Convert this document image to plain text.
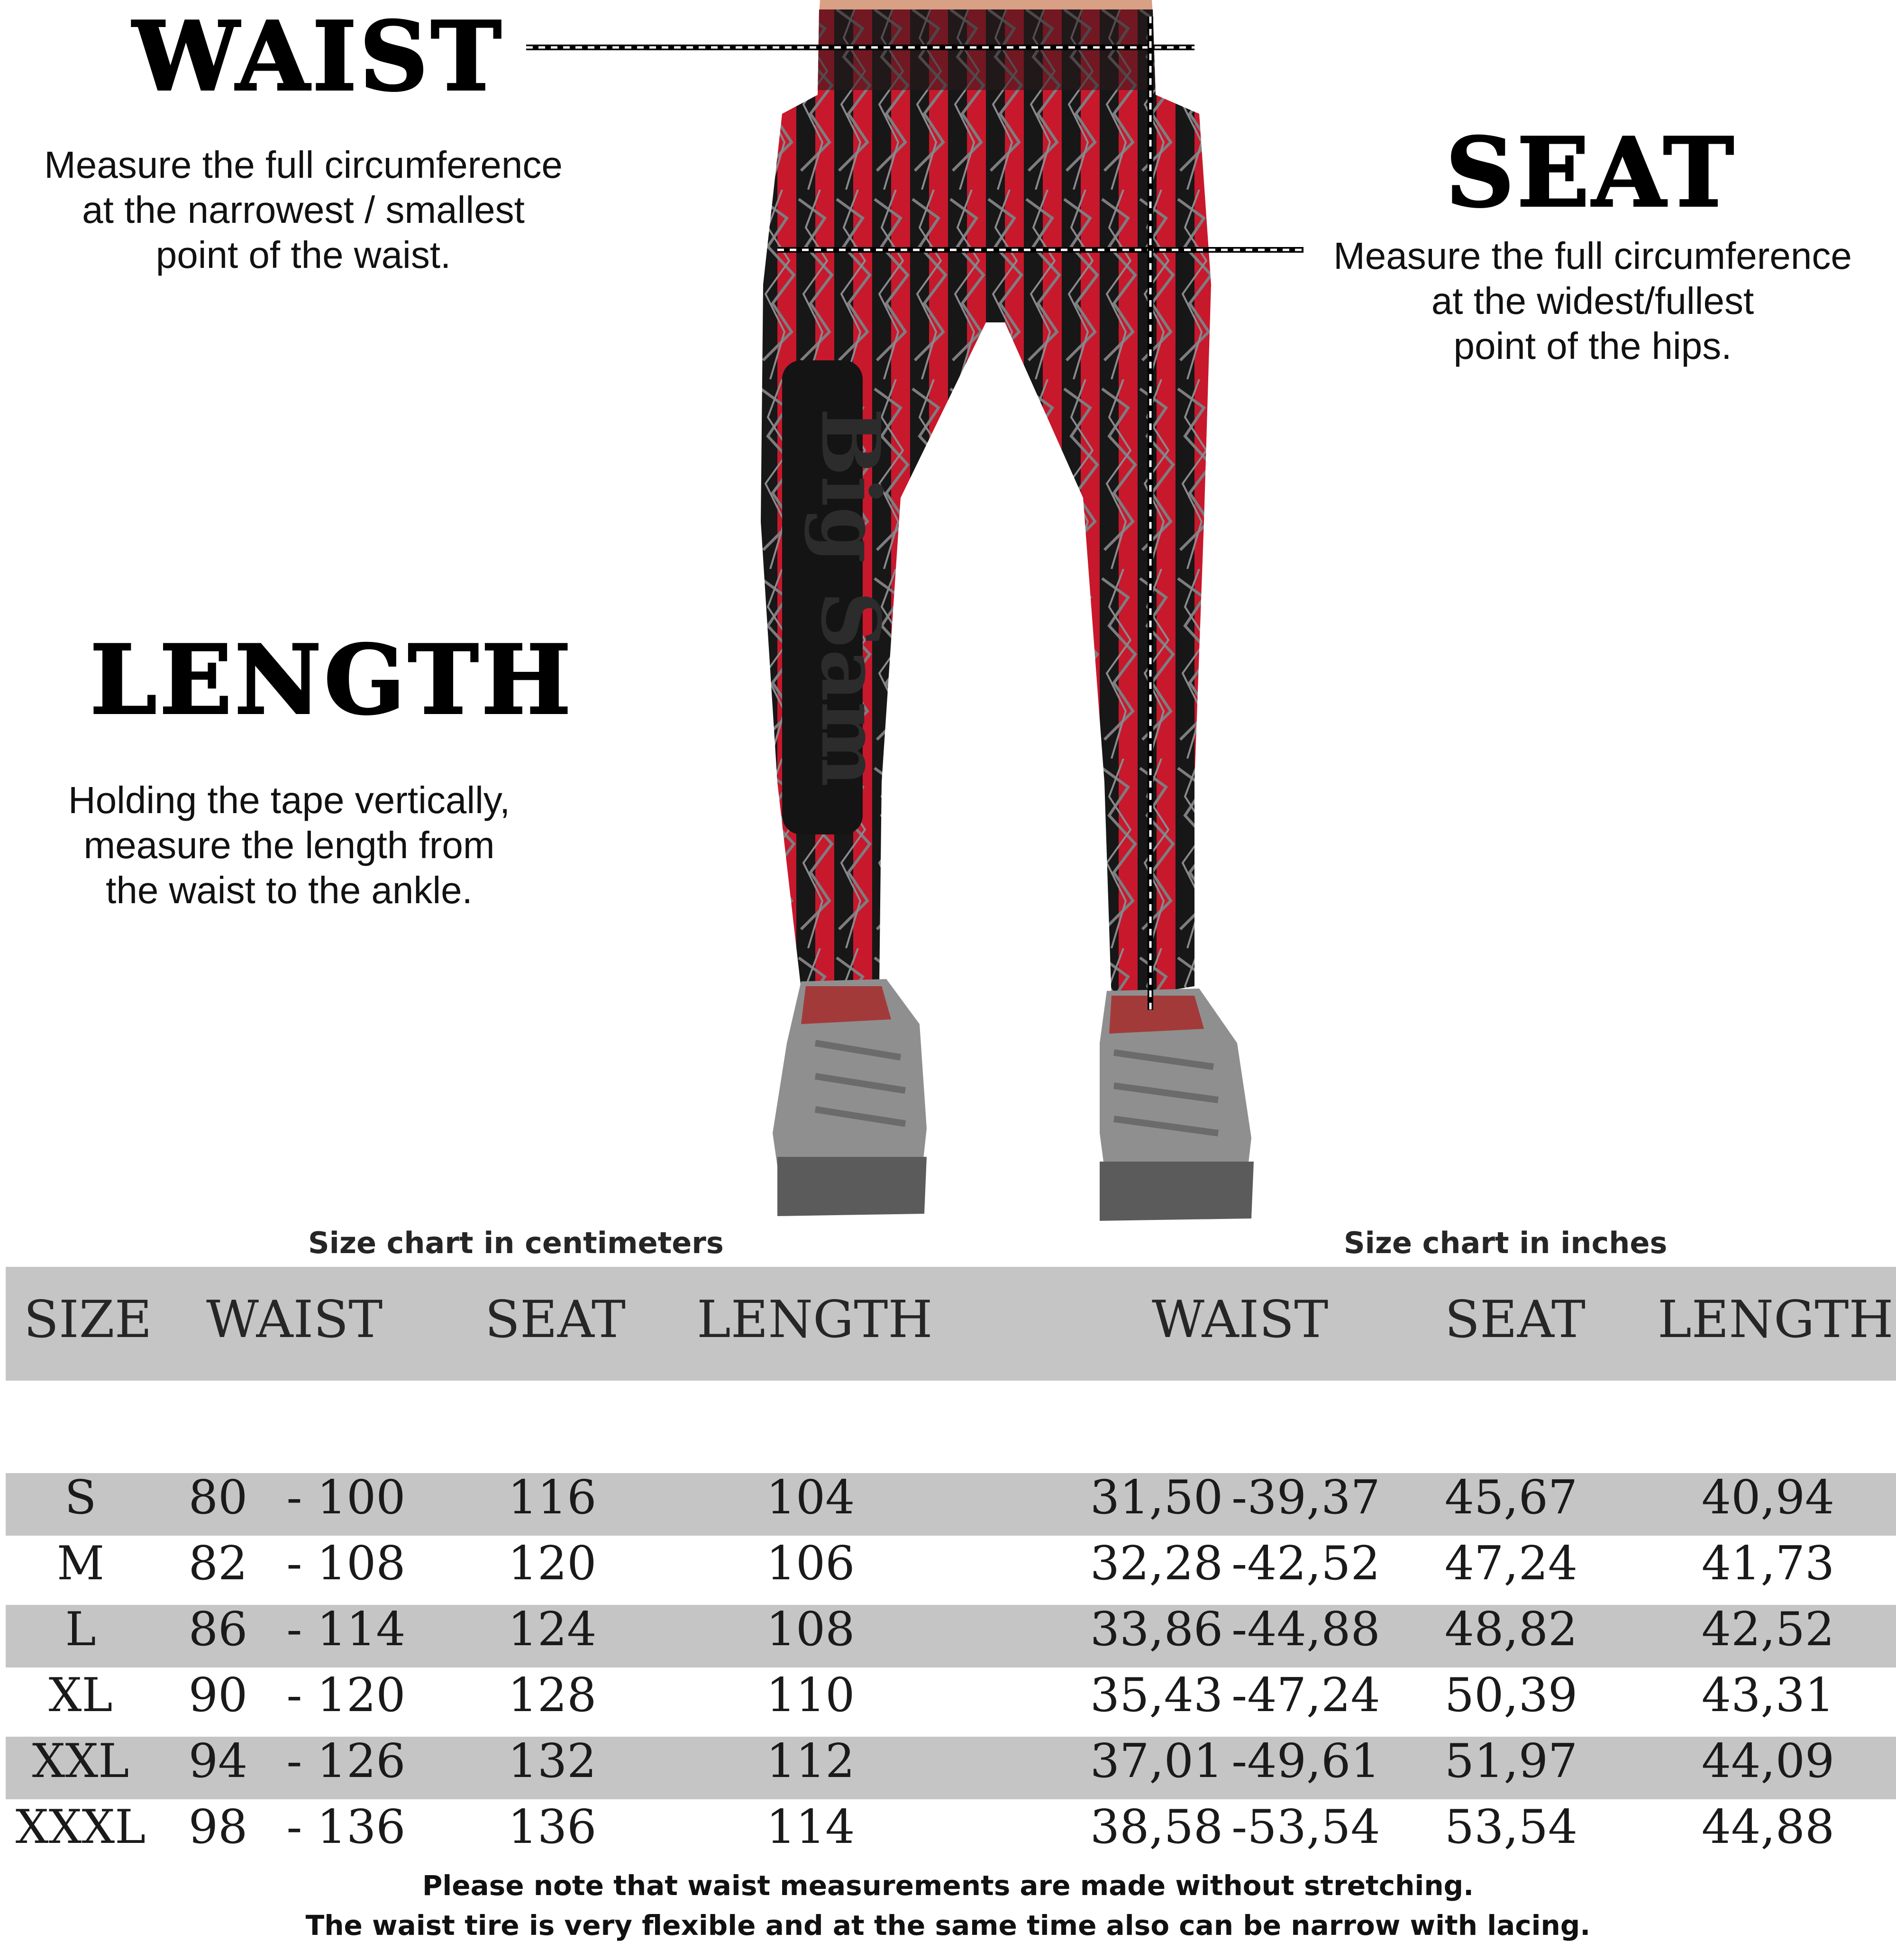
WAIST
Measure the full circumference
at the narrowest / smallest
point of the waist.
SEAT
Measure the full circumference
at the widest/fullest
point of the hips.
LENGTH
Holding the tape vertically,
measure the length from
the waist to the ankle.
Big Sam
Size chart in centimeters	Size chart in inches
SIZE WAIST SEAT LENGTH	WAIST SEAT LENGTH
S	80 - 100	116	104	31,50 -39,37	45,67	40,94
M	82 - 108	120	106	32,28 -42,52	47,24	41,73
L	86 - 114	124	108	33,86 -44,88	48,82	42,52
XL	90 - 120	128	110	35,43 -47,24	50,39	43,31
XXL	94 - 126	132	112	37,01 -49,61	51,97	44,09
XXXL 98 - 136	136	114	38,58 -53,54	53,54	44,88
Please note that waist measurements are made without stretching.
The waist tire is very flexible and at the same time also can be narrow with lacing.
